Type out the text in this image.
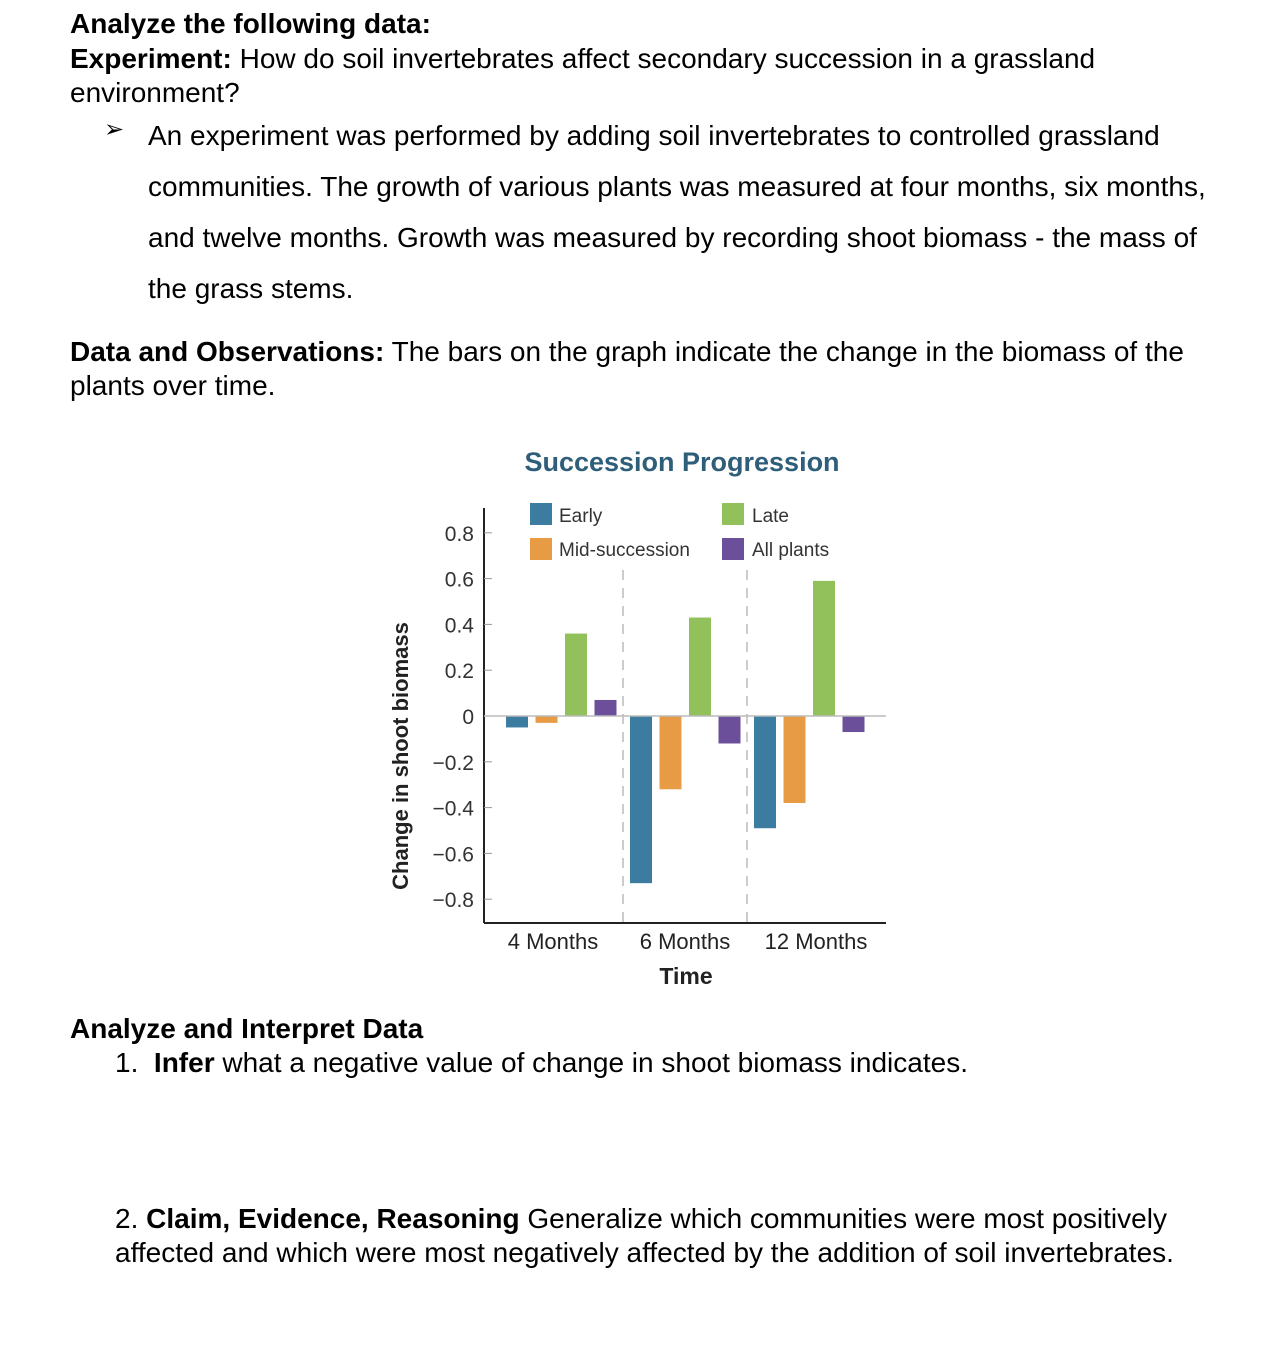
Analyze the following data:
Experiment: How do soil invertebrates affect secondary succession in a grassland environment?
➢ An experiment was performed by adding soil invertebrates to controlled grassland communities. The growth of various plants was measured at four months, six months, and twelve months. Growth was measured by recording shoot biomass - the mass of the grass stems.
Data and Observations: The bars on the graph indicate the change in the biomass of the plants over time.
Succession Progression
Early
Mid-succession
Late
All plants
Change in shoot biomass
Time
0.8
0.6
0.4
0.2
0
−0.2
−0.4
−0.6
−0.8
4 Months 6 Months 12 Months
Analyze and Interpret Data
1. Infer what a negative value of change in shoot biomass indicates.
2. Claim, Evidence, Reasoning Generalize which communities were most positively affected and which were most negatively affected by the addition of soil invertebrates.
